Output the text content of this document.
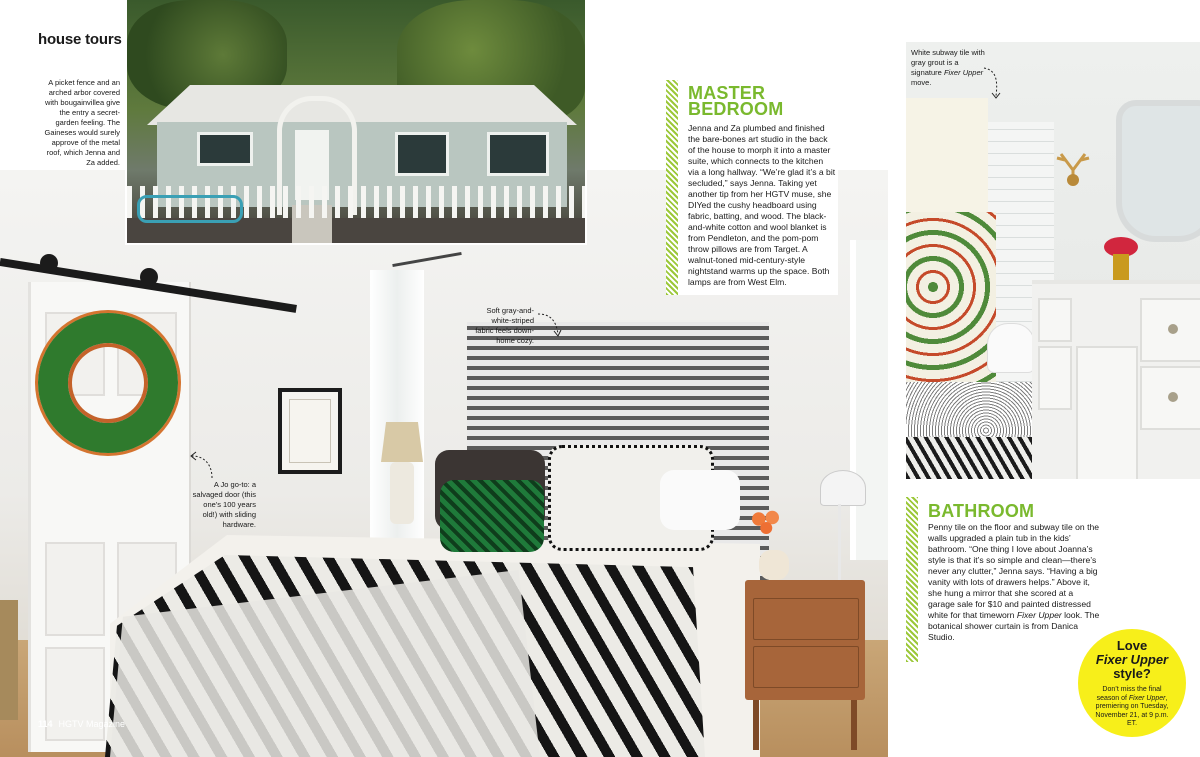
house tours
A picket fence and an arched arbor covered with bougainvillea give the entry a secret-garden feeling. The Gaineses would surely approve of the metal roof, which Jenna and Za added.
Soft gray-and-white-striped fabric feels down-home cozy.
A Jo go-to: a salvaged door (this one's 100 years old!) with sliding hardware.
White subway tile with gray grout is a signature Fixer Upper move.
MASTER BEDROOM
Jenna and Za plumbed and finished the bare-bones art studio in the back of the house to morph it into a master suite, which connects to the kitchen via a long hallway. “We’re glad it’s a bit secluded,” says Jenna. Taking yet another tip from her HGTV muse, she DIYed the cushy headboard using fabric, batting, and wood. The black-and-white cotton and wool blanket is from Pendleton, and the pom-pom throw pillows are from Target. A walnut-toned mid-century-style nightstand warms up the space. Both lamps are from West Elm.
BATHROOM
Penny tile on the floor and subway tile on the walls upgraded a plain tub in the kids’ bathroom. “One thing I love about Joanna’s style is that it’s so simple and clean—there’s never any clutter,” Jenna says. “Having a big vanity with lots of drawers helps.” Above it, she hung a mirror that she scored at a garage sale for $10 and painted distressed white for that timeworn Fixer Upper look. The botanical shower curtain is from Danica Studio.
Love
Fixer Upper
style?
Don’t miss the final season of Fixer Upper, premiering on Tuesday, November 21, at 9 p.m. ET.
114 HGTV Magazine
